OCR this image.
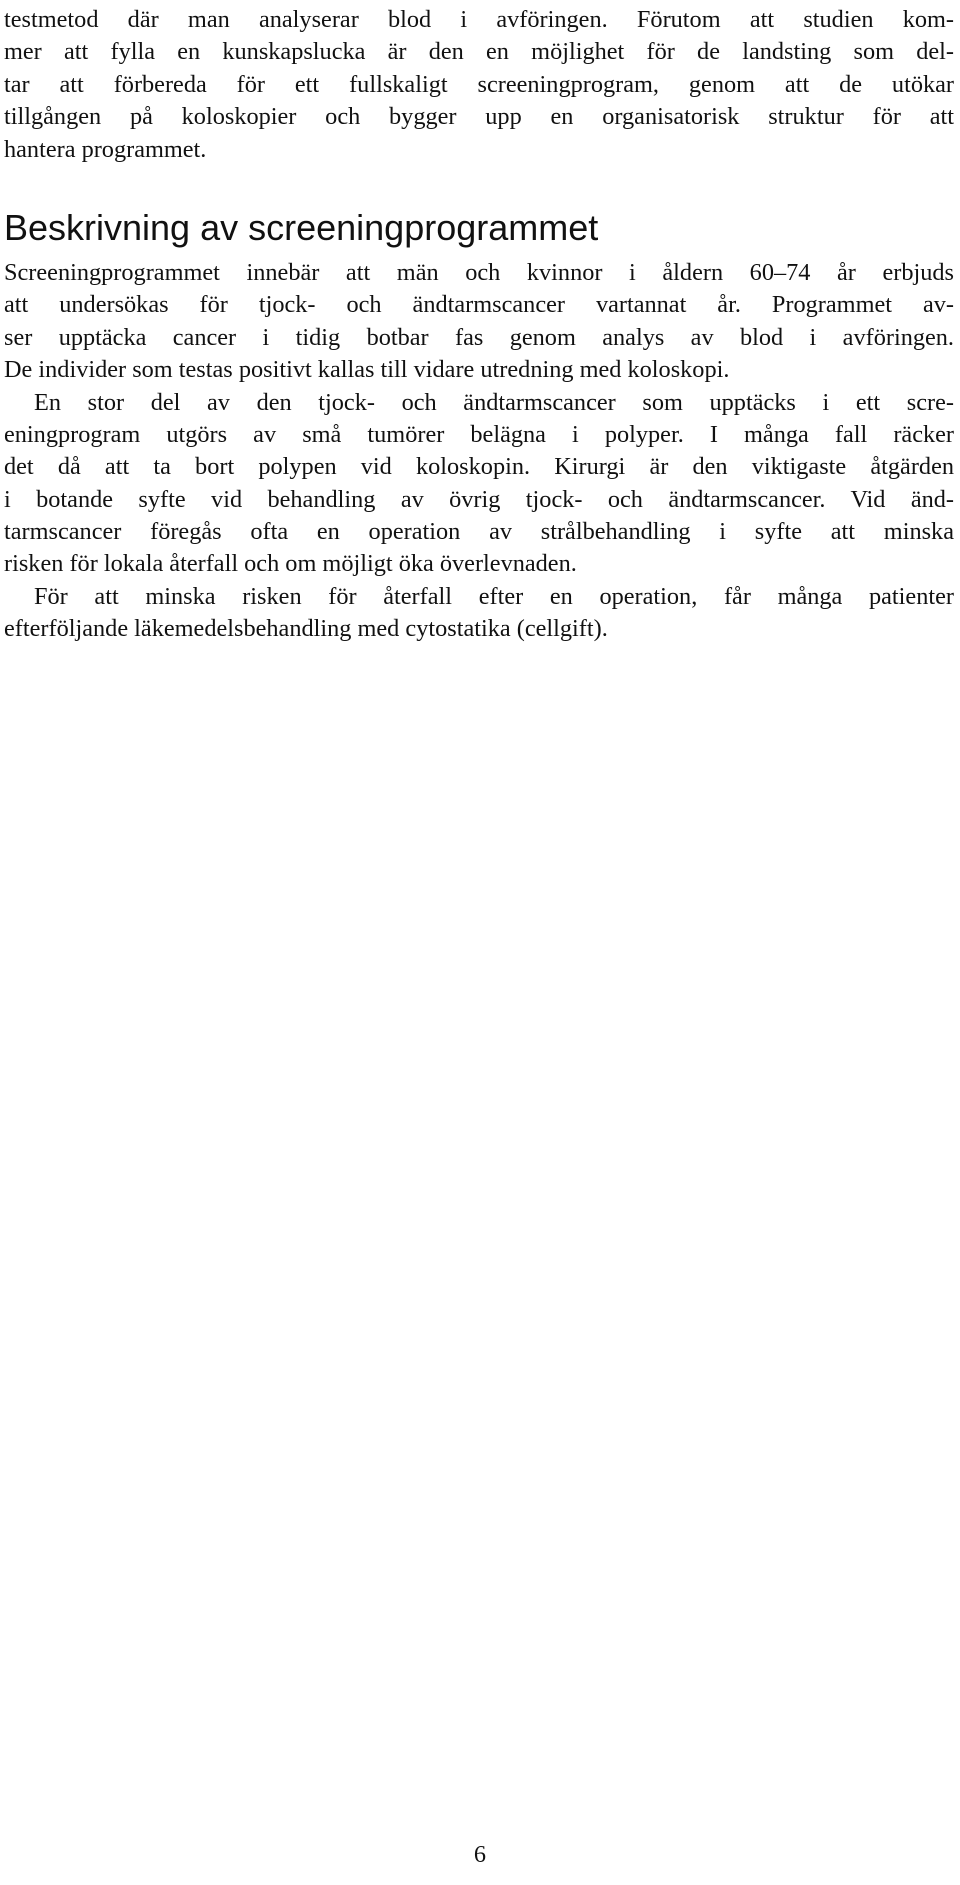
testmetod där man analyserar blod i avföringen. Förutom att studien kom-

mer att fylla en kunskapslucka är den en möjlighet för de landsting som del-

tar att förbereda för ett fullskaligt screeningprogram, genom att de utökar

tillgången på koloskopier och bygger upp en organisatorisk struktur för att

hantera programmet.

Beskrivning av screeningprogrammet

Screeningprogrammet innebär att män och kvinnor i åldern 60–74 år erbjuds

att undersökas för tjock- och ändtarmscancer vartannat år. Programmet av-

ser upptäcka cancer i tidig botbar fas genom analys av blod i avföringen.

De individer som testas positivt kallas till vidare utredning med koloskopi.

En stor del av den tjock- och ändtarmscancer som upptäcks i ett scre-

eningprogram utgörs av små tumörer belägna i polyper. I många fall räcker

det då att ta bort polypen vid koloskopin. Kirurgi är den viktigaste åtgärden

i botande syfte vid behandling av övrig tjock- och ändtarmscancer. Vid änd-

tarmscancer föregås ofta en operation av strålbehandling i syfte att minska

risken för lokala återfall och om möjligt öka överlevnaden.

För att minska risken för återfall efter en operation, får många patienter

efterföljande läkemedelsbehandling med cytostatika (cellgift).

6
